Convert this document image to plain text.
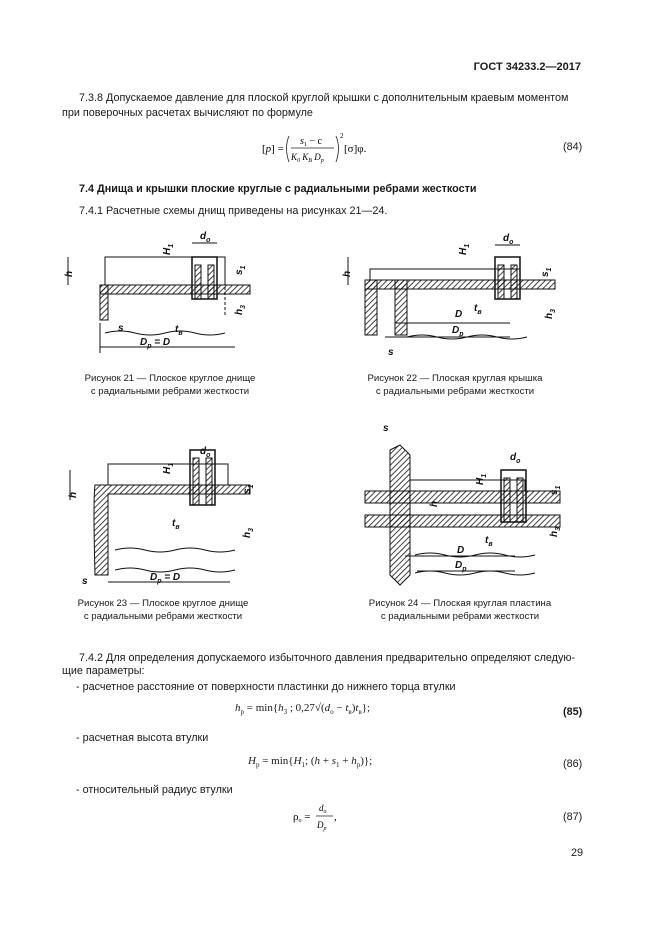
ГОСТ 34233.2—2017
7.3.8 Допускаемое давление для плоской круглой крышки с дополнительным краевым моментом
при поверочных расчетах вычисляют по формуле
[p] =
$s_1 - c$
$K_0$ $K_В$ $D_р$
2
[σ]φ.	(84)
7.4 Днища и крышки плоские круглые с радиальными ребрами жесткости
7.4.1 Расчетные схемы днищ приведены на рисунках 21—24.
h
$D_р = D$
s	$t_в$
$d_о$
$H_1$
$s_1$
$h_3$
Рисунок 21 — Плоское круглое днище
с радиальными ребрами жесткости
h
D
$D_р$
$t_в$
s
$d_о$
$H_1$
$s_1$
$h_3$
Рисунок 22 — Плоская круглая крышка
с радиальными ребрами жесткости
h
$D_р = D$
s
$t_в$
$d_о$
$H_1$
$s_1$
$h_3$
Рисунок 23 — Плоское круглое днище
с радиальными ребрами жесткости
s
D
$D_р$
$t_в$
h
$d_о$
$H_1$
$s_1$
$h_3$
Рисунок 24 — Плоская круглая пластина
с радиальными ребрами жесткости
7.4.2 Для определения допускаемого избыточного давления предварительно определяют следую-
щие параметры:
- расчетное расстояние от поверхности пластинки до нижнего торца втулки
$h_р = \min\{h_3$ ; $0,27√(d_о - t_в)t_в$};	(85)
- расчетная высота втулки
$H_р = \min\{H_1$; $(h + s_1 + h_р)$};	(86)
- относительный радиус втулки
ρо =
$d_о$
$D_р$
,	(87)
29
